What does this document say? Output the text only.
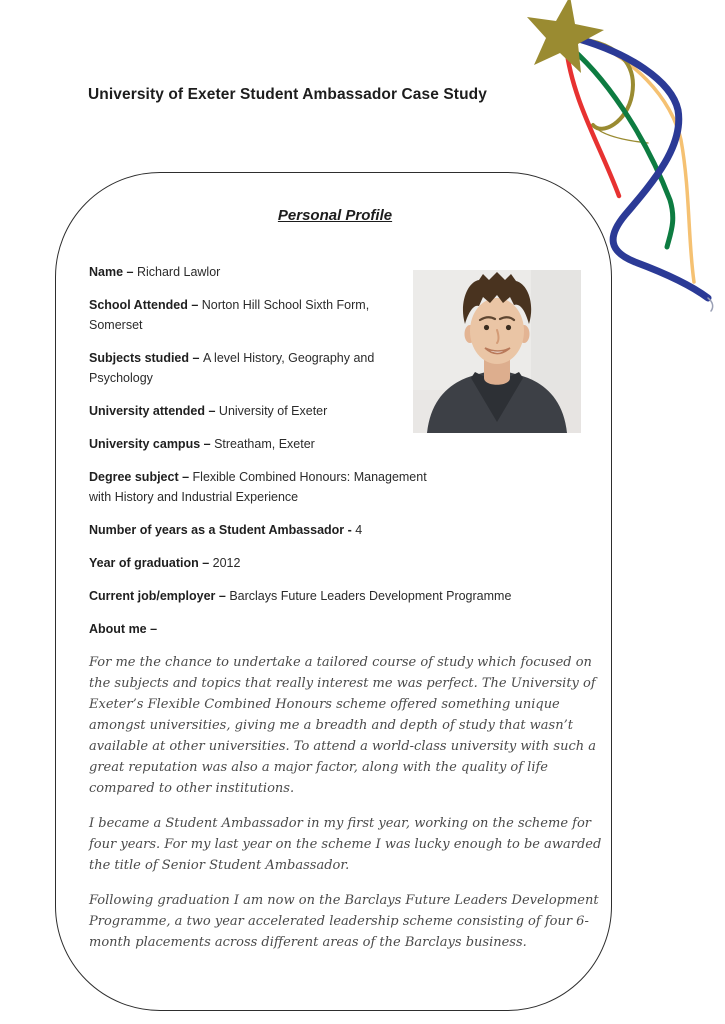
University of Exeter Student Ambassador Case Study
Personal Profile

Name – Richard Lawlor

School Attended – Norton Hill School Sixth Form, Somerset

Subjects studied – A level History, Geography and Psychology

University attended – University of Exeter

University campus – Streatham, Exeter

Degree subject – Flexible Combined Honours: Management with History and Industrial Experience

Number of years as a Student Ambassador - 4

Year of graduation – 2012

Current job/employer – Barclays Future Leaders Development Programme

About me –

For me the chance to undertake a tailored course of study which focused on the subjects and topics that really interest me was perfect. The University of Exeter’s Flexible Combined Honours scheme offered something unique amongst universities, giving me a breadth and depth of study that wasn’t available at other universities. To attend a world-class university with such a great reputation was also a major factor, along with the quality of life compared to other institutions.

I became a Student Ambassador in my first year, working on the scheme for four years. For my last year on the scheme I was lucky enough to be awarded the title of Senior Student Ambassador.

Following graduation I am now on the Barclays Future Leaders Development Programme, a two year accelerated leadership scheme consisting of four 6-month placements across different areas of the Barclays business.
